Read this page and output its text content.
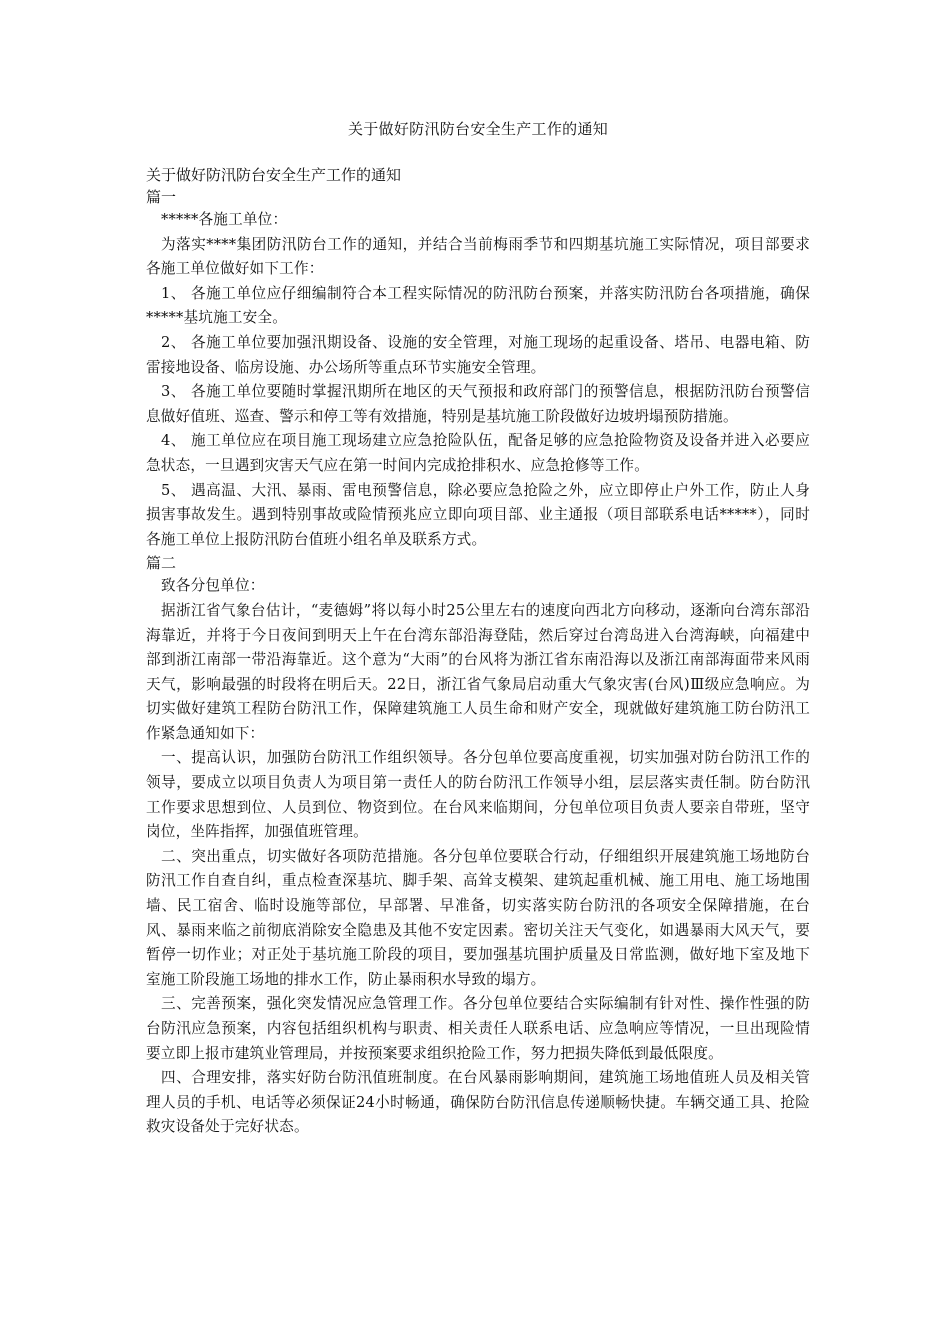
关于做好防汛防台安全生产工作的通知
关于做好防汛防台安全生产工作的通知
篇一

*****各施工单位：

为落实****集团防汛防台工作的通知，并结合当前梅雨季节和四期基坑施工实际情况，项目部要求各施工单位做好如下工作：

1、 各施工单位应仔细编制符合本工程实际情况的防汛防台预案，并落实防汛防台各项措施，确保*****基坑施工安全。

2、 各施工单位要加强汛期设备、设施的安全管理，对施工现场的起重设备、塔吊、电器电箱、防雷接地设备、临房设施、办公场所等重点环节实施安全管理。

3、 各施工单位要随时掌握汛期所在地区的天气预报和政府部门的预警信息，根据防汛防台预警信息做好值班、巡查、警示和停工等有效措施，特别是基坑施工阶段做好边坡坍塌预防措施。

4、 施工单位应在项目施工现场建立应急抢险队伍，配备足够的应急抢险物资及设备并进入必要应急状态，一旦遇到灾害天气应在第一时间内完成抢排积水、应急抢修等工作。

5、 遇高温、大汛、暴雨、雷电预警信息，除必要应急抢险之外，应立即停止户外工作，防止人身损害事故发生。遇到特别事故或险情预兆应立即向项目部、业主通报（项目部联系电话*****），同时各施工单位上报防汛防台值班小组名单及联系方式。

篇二

致各分包单位：

据浙江省气象台估计，“麦德姆”将以每小时25公里左右的速度向西北方向移动，逐渐向台湾东部沿海靠近，并将于今日夜间到明天上午在台湾东部沿海登陆，然后穿过台湾岛进入台湾海峡，向福建中部到浙江南部一带沿海靠近。这个意为“大雨”的台风将为浙江省东南沿海以及浙江南部海面带来风雨天气，影响最强的时段将在明后天。22日，浙江省气象局启动重大气象灾害(台风)Ⅲ级应急响应。为切实做好建筑工程防台防汛工作，保障建筑施工人员生命和财产安全，现就做好建筑施工防台防汛工作紧急通知如下：

一、提高认识，加强防台防汛工作组织领导。各分包单位要高度重视，切实加强对防台防汛工作的领导，要成立以项目负责人为项目第一责任人的防台防汛工作领导小组，层层落实责任制。防台防汛工作要求思想到位、人员到位、物资到位。在台风来临期间，分包单位项目负责人要亲自带班，坚守岗位，坐阵指挥，加强值班管理。

二、突出重点，切实做好各项防范措施。各分包单位要联合行动，仔细组织开展建筑施工场地防台防汛工作自查自纠，重点检查深基坑、脚手架、高耸支模架、建筑起重机械、施工用电、施工场地围墙、民工宿舍、临时设施等部位，早部署、早准备，切实落实防台防汛的各项安全保障措施，在台风、暴雨来临之前彻底消除安全隐患及其他不安定因素。密切关注天气变化，如遇暴雨大风天气，要暂停一切作业；对正处于基坑施工阶段的项目，要加强基坑围护质量及日常监测，做好地下室及地下室施工阶段施工场地的排水工作，防止暴雨积水导致的塌方。

三、完善预案，强化突发情况应急管理工作。各分包单位要结合实际编制有针对性、操作性强的防台防汛应急预案，内容包括组织机构与职责、相关责任人联系电话、应急响应等情况，一旦出现险情要立即上报市建筑业管理局，并按预案要求组织抢险工作，努力把损失降低到最低限度。

四、合理安排，落实好防台防汛值班制度。在台风暴雨影响期间，建筑施工场地值班人员及相关管理人员的手机、电话等必须保证24小时畅通，确保防台防汛信息传递顺畅快捷。车辆交通工具、抢险救灾设备处于完好状态。
